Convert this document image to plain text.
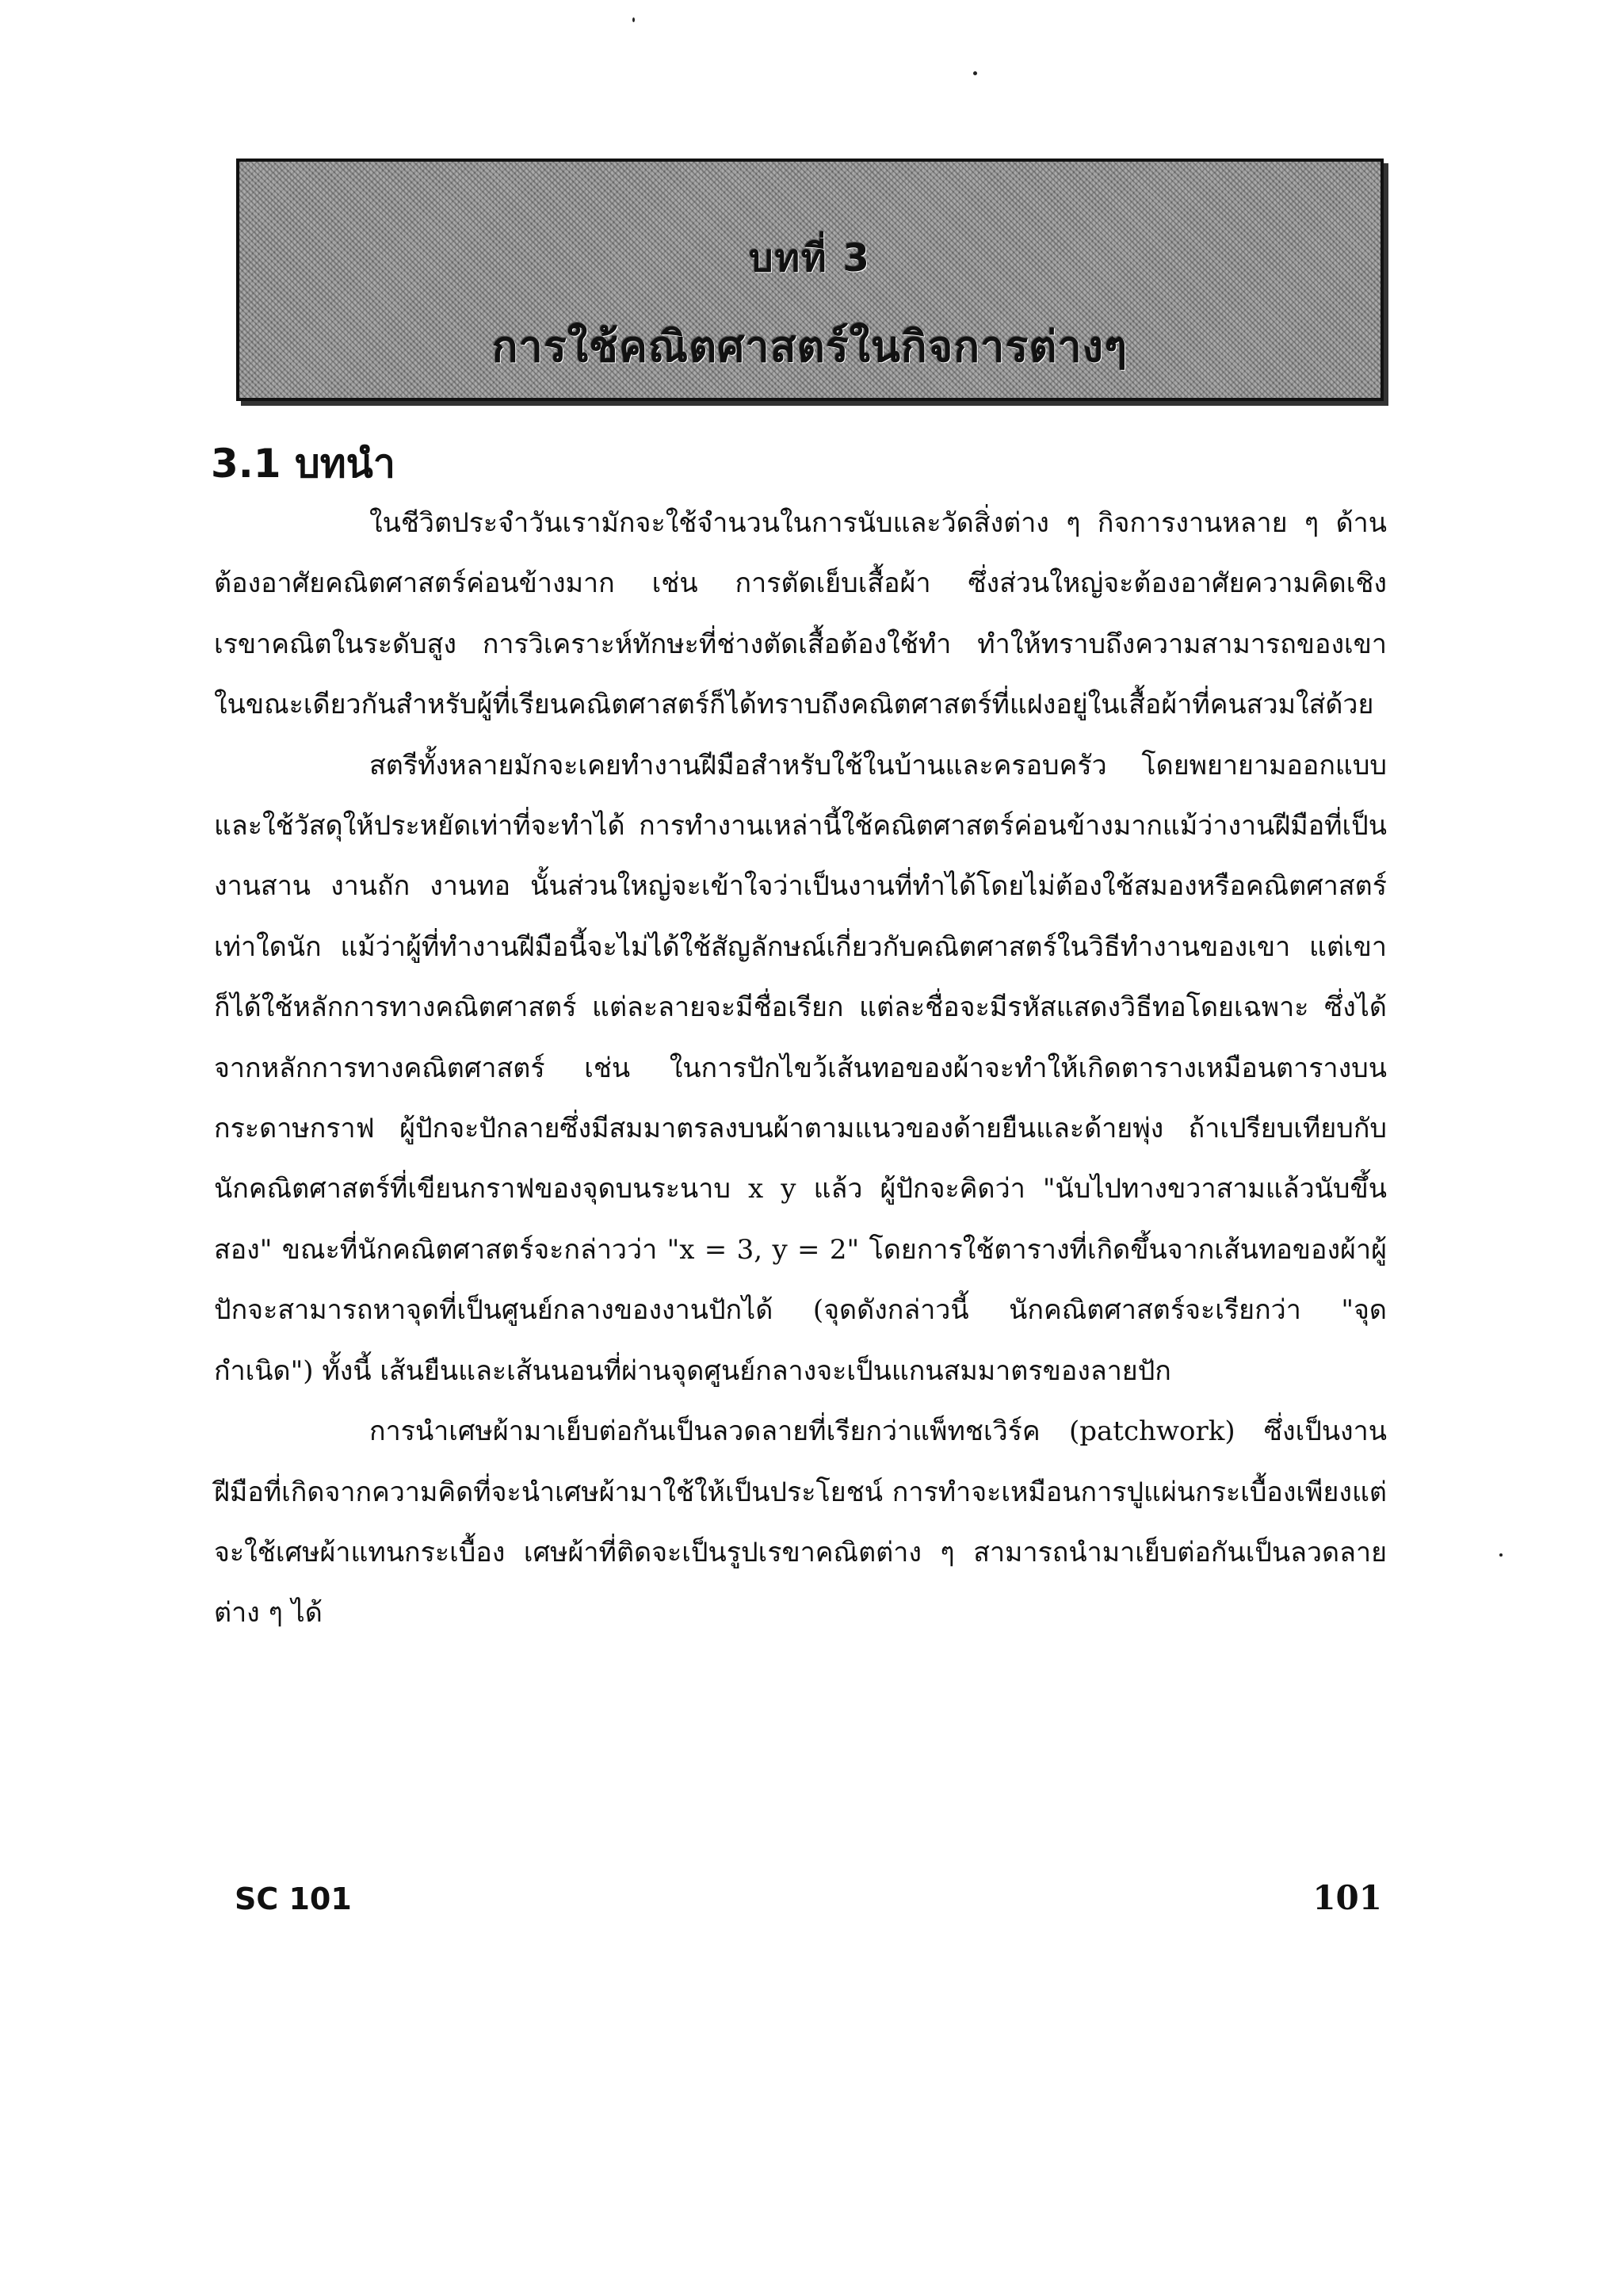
บทที่ 3
การใช้คณิตศาสตร์ในกิจการต่างๆ
3.1 บทนำ

ในชีวิตประจำวันเรามักจะใช้จำนวนในการนับและวัดสิ่งต่าง ๆ กิจการงานหลาย ๆ ด้านต้องอาศัยคณิตศาสตร์ค่อนข้างมาก เช่น การตัดเย็บเสื้อผ้า ซึ่งส่วนใหญ่จะต้องอาศัยความคิดเชิงเรขาคณิตในระดับสูง การวิเคราะห์ทักษะที่ช่างตัดเสื้อต้องใช้ทำ ทำให้ทราบถึงความสามารถของเขา ในขณะเดียวกันสำหรับผู้ที่เรียนคณิตศาสตร์ก็ได้ทราบถึงคณิตศาสตร์ที่แฝงอยู่ในเสื้อผ้าที่คนสวมใส่ด้วย

สตรีทั้งหลายมักจะเคยทำงานฝีมือสำหรับใช้ในบ้านและครอบครัว โดยพยายามออกแบบและใช้วัสดุให้ประหยัดเท่าที่จะทำได้ การทำงานเหล่านี้ใช้คณิตศาสตร์ค่อนข้างมากแม้ว่างานฝีมือที่เป็นงานสาน งานถัก งานทอ นั้นส่วนใหญ่จะเข้าใจว่าเป็นงานที่ทำได้โดยไม่ต้องใช้สมองหรือคณิตศาสตร์เท่าใดนัก แม้ว่าผู้ที่ทำงานฝีมือนี้จะไม่ได้ใช้สัญลักษณ์เกี่ยวกับคณิตศาสตร์ในวิธีทำงานของเขา แต่เขาก็ได้ใช้หลักการทางคณิตศาสตร์ แต่ละลายจะมีชื่อเรียก แต่ละชื่อจะมีรหัสแสดงวิธีทอโดยเฉพาะ ซึ่งได้จากหลักการทางคณิตศาสตร์ เช่น ในการปักไขว้เส้นทอของผ้าจะทำให้เกิดตารางเหมือนตารางบนกระดาษกราฟ ผู้ปักจะปักลายซึ่งมีสมมาตรลงบนผ้าตามแนวของด้ายยืนและด้ายพุ่ง ถ้าเปรียบเทียบกับนักคณิตศาสตร์ที่เขียนกราฟของจุดบนระนาบ x y แล้ว ผู้ปักจะคิดว่า "นับไปทางขวาสามแล้วนับขึ้นสอง" ขณะที่นักคณิตศาสตร์จะกล่าวว่า "x = 3, y = 2" โดยการใช้ตารางที่เกิดขึ้นจากเส้นทอของผ้าผู้ปักจะสามารถหาจุดที่เป็นศูนย์กลางของงานปักได้ (จุดดังกล่าวนี้ นักคณิตศาสตร์จะเรียกว่า "จุดกำเนิด") ทั้งนี้ เส้นยืนและเส้นนอนที่ผ่านจุดศูนย์กลางจะเป็นแกนสมมาตรของลายปัก

การนำเศษผ้ามาเย็บต่อกันเป็นลวดลายที่เรียกว่าแพ็ทชเวิร์ค (patchwork) ซึ่งเป็นงานฝีมือที่เกิดจากความคิดที่จะนำเศษผ้ามาใช้ให้เป็นประโยชน์ การทำจะเหมือนการปูแผ่นกระเบื้องเพียงแต่จะใช้เศษผ้าแทนกระเบื้อง เศษผ้าที่ติดจะเป็นรูปเรขาคณิตต่าง ๆ สามารถนำมาเย็บต่อกันเป็นลวดลายต่าง ๆ ได้

SC 101	101
